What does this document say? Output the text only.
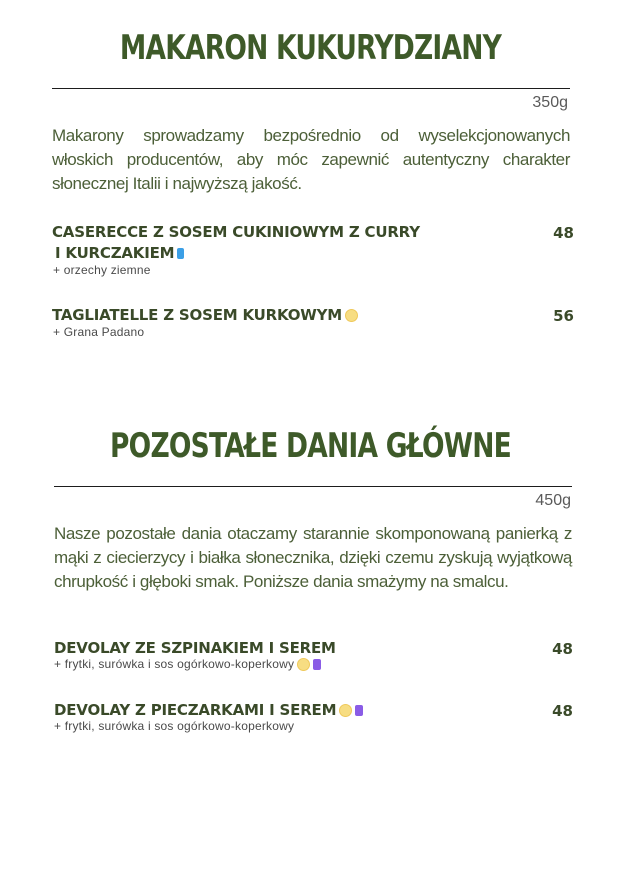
MAKARON KUKURYDZIANY
350g
Makarony sprowadzamy bezpośrednio od wyselekcjonowanych włoskich producentów, aby móc zapewnić autentyczny charakter słonecznej Italii i najwyższą jakość.
CASERECCE Z SOSEM CUKINIOWYM Z CURRY
I KURCZAKIEM
48
+ orzechy ziemne
TAGLIATELLE Z SOSEM KURKOWYM	56
+ Grana Padano
POZOSTAŁE DANIA GŁÓWNE
450g
Nasze pozostałe dania otaczamy starannie skomponowaną panierką z mąki z ciecierzycy i białka słonecznika, dzięki czemu zyskują wyjątkową chrupkość i głęboki smak. Poniższe dania smażymy na smalcu.
DEVOLAY ZE SZPINAKIEM I SEREM	48
+ frytki, surówka i sos ogórkowo-koperkowy
DEVOLAY Z PIECZARKAMI I SEREM	48
+ frytki, surówka i sos ogórkowo-koperkowy
